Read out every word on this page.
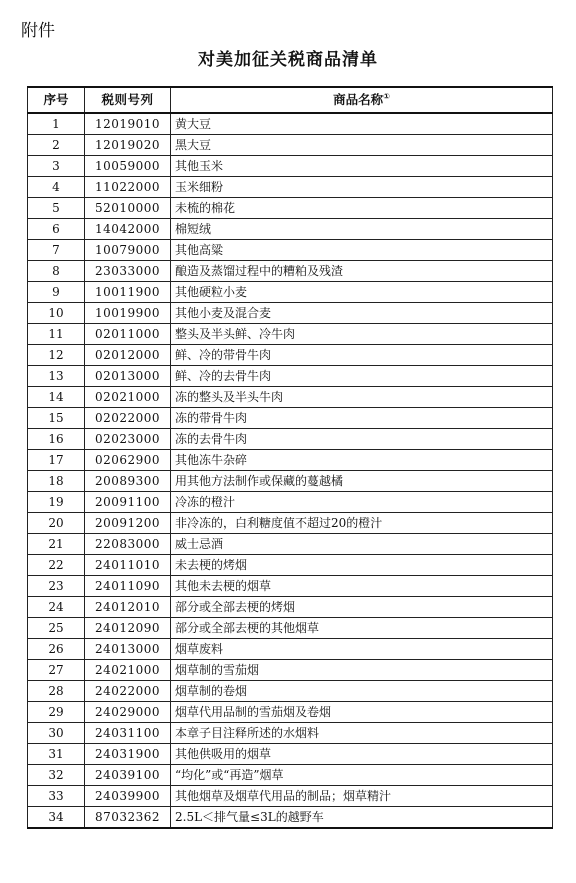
附件
对美加征关税商品清单
序号	税则号列	商品名称①
1	12019010	黄大豆
2	12019020	黑大豆
3	10059000	其他玉米
4	11022000	玉米细粉
5	52010000	未梳的棉花
6	14042000	棉短绒
7	10079000	其他高粱
8	23033000	酿造及蒸馏过程中的糟粕及残渣
9	10011900	其他硬粒小麦
10	10019900	其他小麦及混合麦
11	02011000	整头及半头鲜、冷牛肉
12	02012000	鲜、冷的带骨牛肉
13	02013000	鲜、冷的去骨牛肉
14	02021000	冻的整头及半头牛肉
15	02022000	冻的带骨牛肉
16	02023000	冻的去骨牛肉
17	02062900	其他冻牛杂碎
18	20089300	用其他方法制作或保藏的蔓越橘
19	20091100	冷冻的橙汁
20	20091200	非冷冻的，白利糖度值不超过20的橙汁
21	22083000	威士忌酒
22	24011010	未去梗的烤烟
23	24011090	其他未去梗的烟草
24	24012010	部分或全部去梗的烤烟
25	24012090	部分或全部去梗的其他烟草
26	24013000	烟草废料
27	24021000	烟草制的雪茄烟
28	24022000	烟草制的卷烟
29	24029000	烟草代用品制的雪茄烟及卷烟
30	24031100	本章子目注释所述的水烟料
31	24031900	其他供吸用的烟草
32	24039100	“均化”或“再造”烟草
33	24039900	其他烟草及烟草代用品的制品；烟草精汁
34	87032362	2.5L＜排气量≤3L的越野车
